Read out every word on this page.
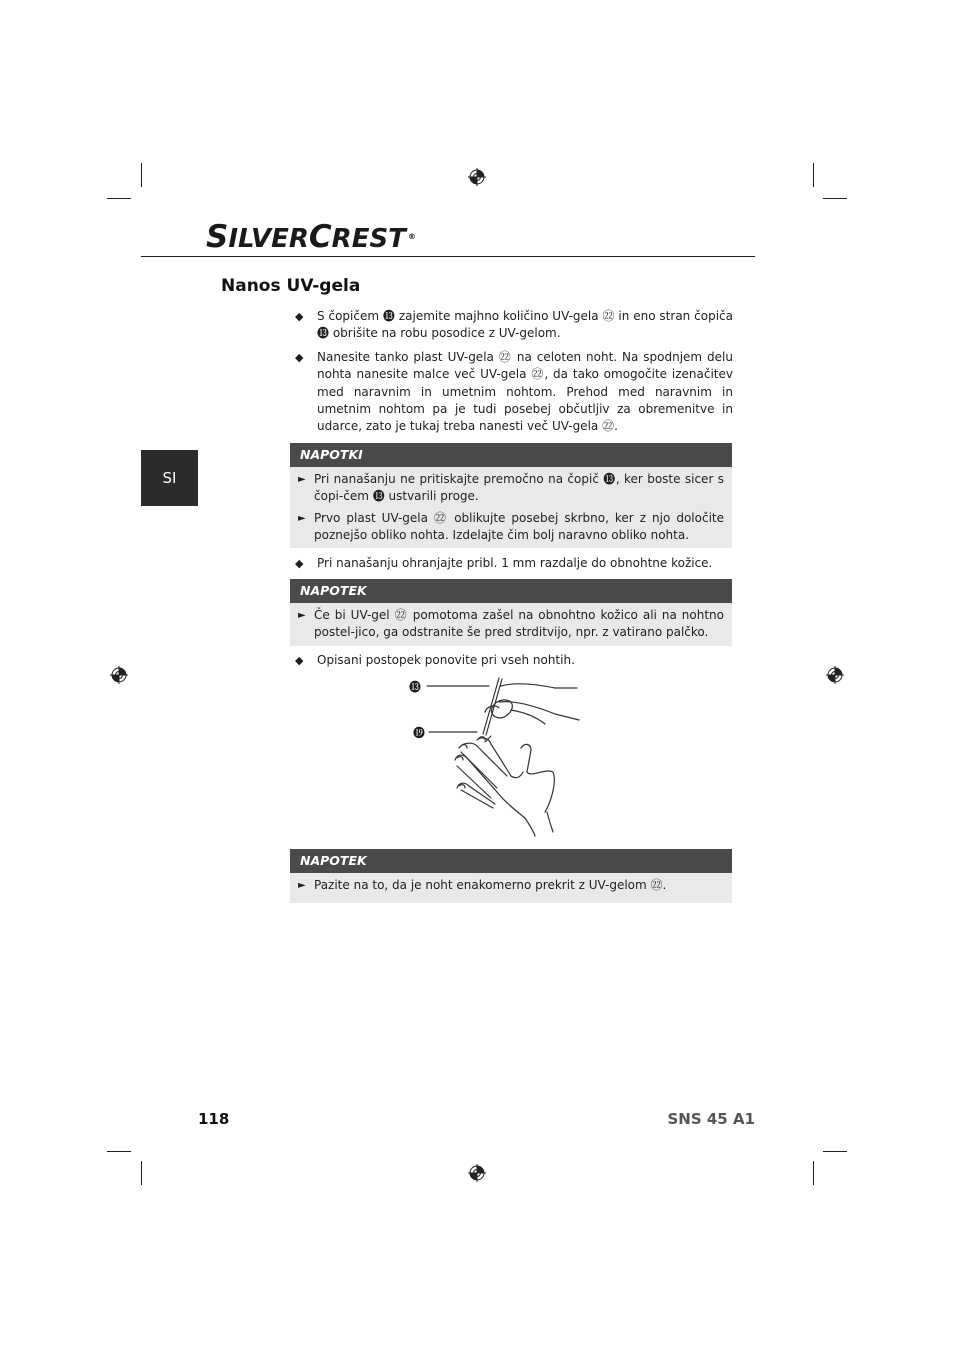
SILVERCREST ®
Nanos UV-gela
SI
◆ S čopičem ⓭ zajemite majhno količino UV-gela ㉒ in eno stran čopiča ⓭ obrišite na robu posodice z UV-gelom.
◆ Nanesite tanko plast UV-gela ㉒ na celoten noht. Na spodnjem delu nohta nanesite malce več UV-gela ㉒, da tako omogočite izenačitev med naravnim in umetnim nohtom. Prehod med naravnim in umetnim nohtom pa je tudi posebej občutljiv za obremenitve in udarce, zato je tukaj treba nanesti več UV-gela ㉒.
NAPOTKI
► Pri nanašanju ne pritiskajte premočno na čopič ⓭, ker boste sicer s čopi-čem ⓭ ustvarili proge.
► Prvo plast UV-gela ㉒ oblikujte posebej skrbno, ker z njo določite poznejšo obliko nohta. Izdelajte čim bolj naravno obliko nohta.
◆ Pri nanašanju ohranjajte pribl. 1 mm razdalje do obnohtne kožice.
NAPOTEK
► Če bi UV-gel ㉒ pomotoma zašel na obnohtno kožico ali na nohtno postel-jico, ga odstranite še pred strditvijo, npr. z vatirano palčko.
◆ Opisani postopek ponovite pri vseh nohtih.
⓭
⓳
NAPOTEK
► Pazite na to, da je noht enakomerno prekrit z UV-gelom ㉒.
118	SNS 45 A1
